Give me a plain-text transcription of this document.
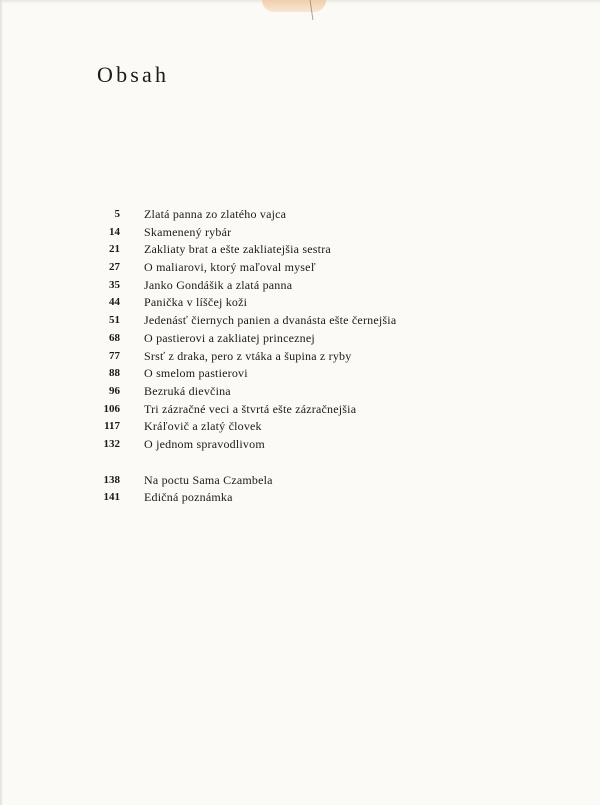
Obsah
5 Zlatá panna zo zlatého vajca
14 Skamenený rybár
21 Zakliaty brat a ešte zakliatejšia sestra
27 O maliarovi, ktorý maľoval myseľ
35 Janko Gondášik a zlatá panna
44 Panička v líščej koži
51 Jedenásť čiernych panien a dvanásta ešte černejšia
68 O pastierovi a zakliatej princeznej
77 Srsť z draka, pero z vtáka a šupina z ryby
88 O smelom pastierovi
96 Bezruká dievčina
106 Tri zázračné veci a štvrtá ešte zázračnejšia
117 Kráľovič a zlatý človek
132 O jednom spravodlivom
138 Na poctu Sama Czambela
141 Edičná poznámka
